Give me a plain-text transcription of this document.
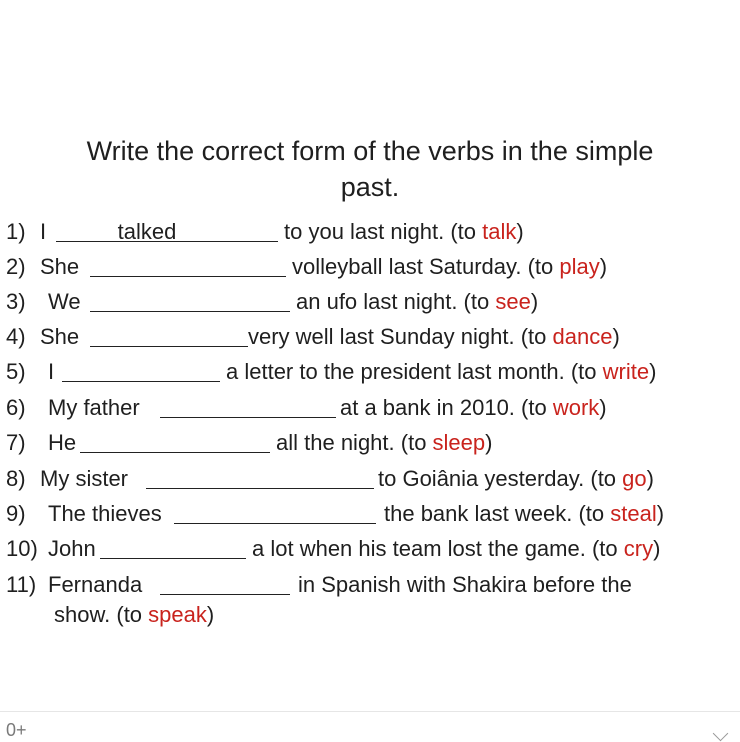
Write the correct form of the verbs in the simple
past.
1) I	talked	to you last night. (to talk)
2) She	volleyball last Saturday. (to play)
3) We	an ufo last night. (to see)
4) She	very well last Sunday night. (to dance)
5) I	a letter to the president last month. (to write)
6) My father	at a bank in 2010. (to work)
7) He	all the night. (to sleep)
8) My sister	to Goiânia yesterday. (to go)
9) The thieves	the bank last week. (to steal)
10) John	a lot when his team lost the game. (to cry)
11) Fernanda	in Spanish with Shakira before the
show. (to speak)
0+
